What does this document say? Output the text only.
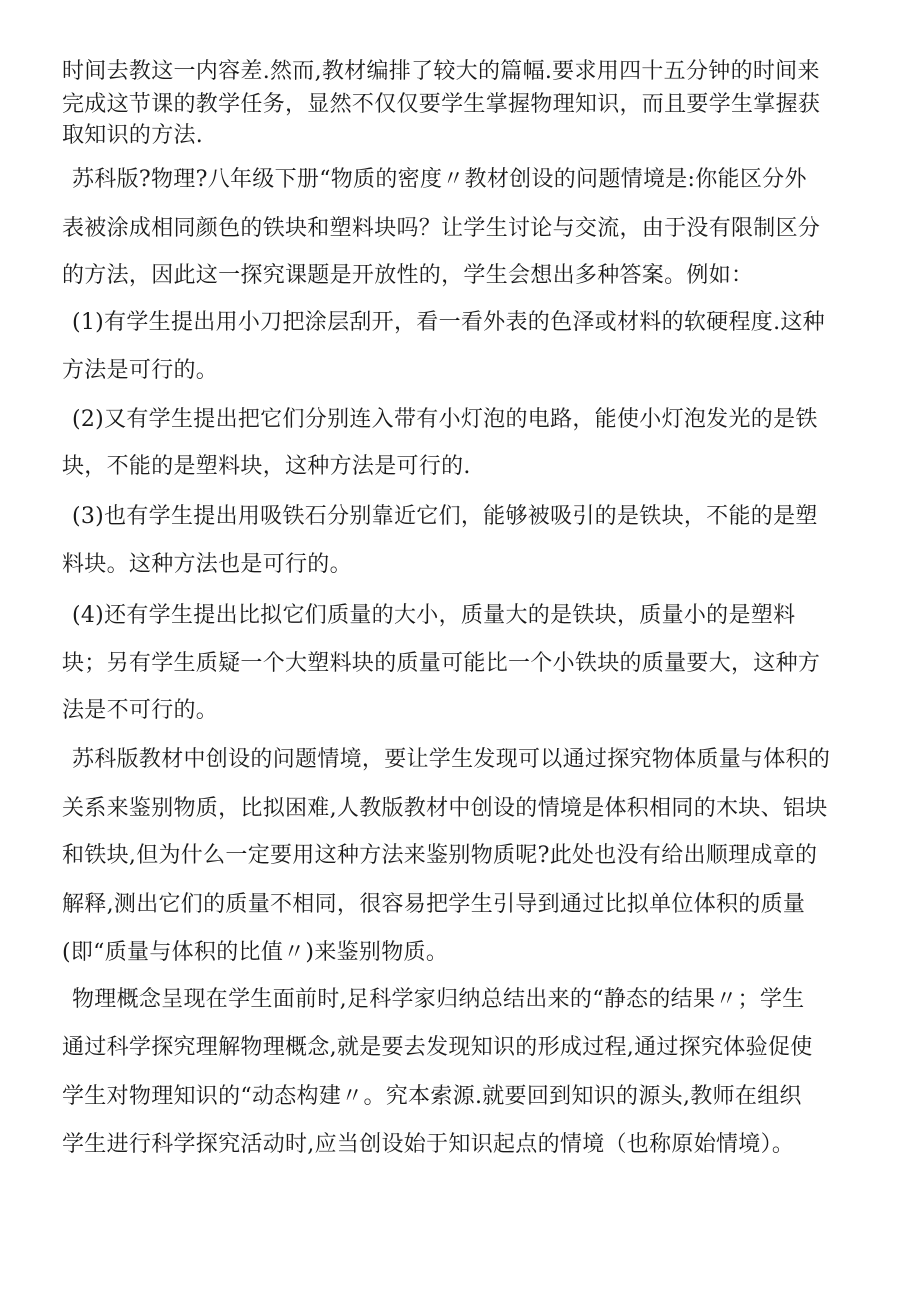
时间去教这一内容差.然而,教材编排了较大的篇幅.要求用四十五分钟的时间来

完成这节课的教学任务，显然不仅仅要学生掌握物理知识，而且要学生掌握获

取知识的方法.

苏科版?物理?八年级下册“物质的密度〃教材创设的问题情境是:你能区分外

表被涂成相同颜色的铁块和塑料块吗？让学生讨论与交流，由于没有限制区分

的方法，因此这一探究课题是开放性的，学生会想出多种答案。例如：

(1)有学生提出用小刀把涂层刮开，看一看外表的色泽或材料的软硬程度.这种

方法是可行的。

(2)又有学生提出把它们分别连入带有小灯泡的电路，能使小灯泡发光的是铁

块，不能的是塑料块，这种方法是可行的.

(3)也有学生提出用吸铁石分别靠近它们，能够被吸引的是铁块，不能的是塑

料块。这种方法也是可行的。

(4)还有学生提出比拟它们质量的大小，质量大的是铁块，质量小的是塑料

块；另有学生质疑一个大塑料块的质量可能比一个小铁块的质量要大，这种方

法是不可行的。

苏科版教材中创设的问题情境，要让学生发现可以通过探究物体质量与体积的

关系来鉴别物质，比拟困难,人教版教材中创设的情境是体积相同的木块、铝块

和铁块,但为什么一定要用这种方法来鉴别物质呢?此处也没有给出顺理成章的

解释,测出它们的质量不相同，很容易把学生引导到通过比拟单位体积的质量

(即“质量与体积的比值〃)来鉴别物质。

物理概念呈现在学生面前时,足科学家归纳总结出来的“静态的结果〃；学生

通过科学探究理解物理概念,就是要去发现知识的形成过程,通过探究体验促使

学生对物理知识的“动态构建〃。究本索源.就要回到知识的源头,教师在组织

学生进行科学探究活动时,应当创设始于知识起点的情境（也称原始情境）。
